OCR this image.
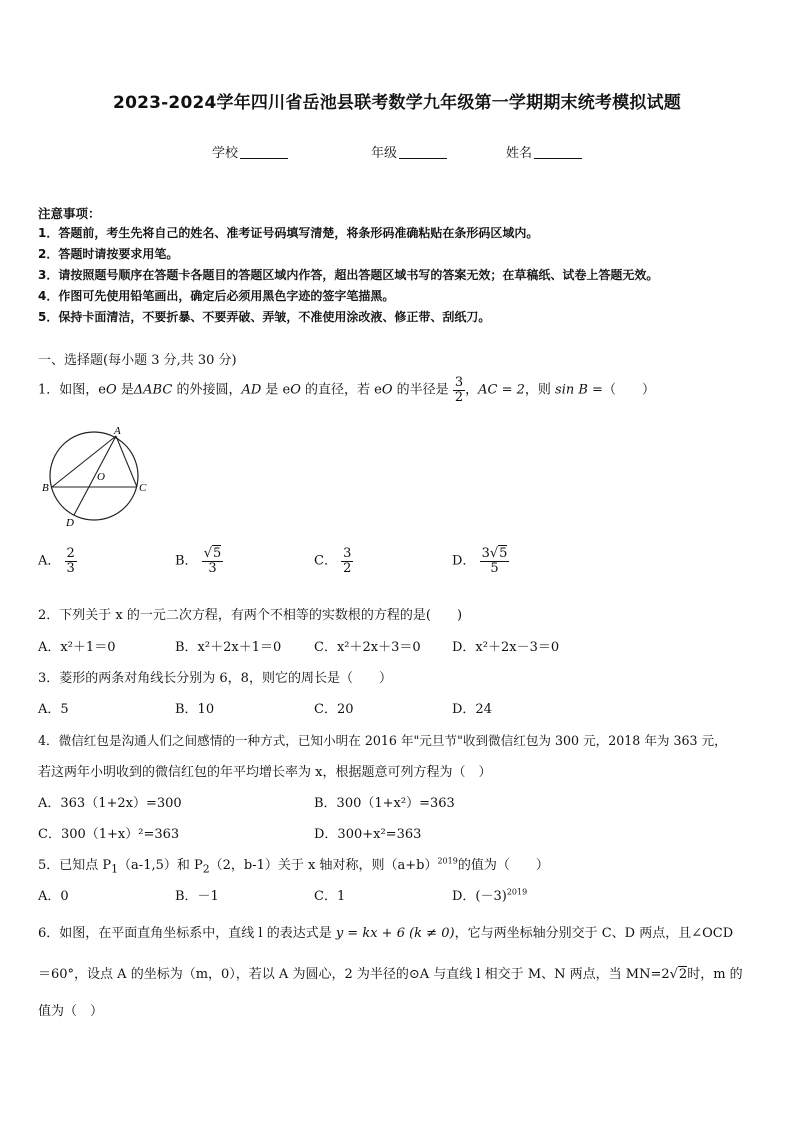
2023-2024学年四川省岳池县联考数学九年级第一学期期末统考模拟试题
学校	年级	姓名
注意事项：
1．答题前，考生先将自己的姓名、准考证号码填写清楚，将条形码准确粘贴在条形码区域内。
2．答题时请按要求用笔。
3．请按照题号顺序在答题卡各题目的答题区域内作答，超出答题区域书写的答案无效；在草稿纸、试卷上答题无效。
4．作图可先使用铅笔画出，确定后必须用黑色字迹的签字笔描黑。
5．保持卡面清洁，不要折暴、不要弄破、弄皱，不准使用涂改液、修正带、刮纸刀。
一、选择题(每小题 3 分,共 30 分)
1．如图，eO 是ΔABC 的外接圆，AD 是 eO 的直径，若 eO 的半径是 $\frac{3}{2}$ ，AC = 2，则 sin B =（　　）
A
O
B	C
D
A． $\frac{2}{3}$	B． $\frac{√5}{3}$	C． $\frac{3}{2}$	D． $\frac{3√5}{5}$
2．下列关于 x 的一元二次方程，有两个不相等的实数根的方程的是(　　)
A．x²＋1＝0	B．x²＋2x＋1＝0	C．x²＋2x＋3＝0 D．x²＋2x－3＝0
3．菱形的两条对角线长分别为 6，8，则它的周长是（　　）
A．5	B．10	C．20	D．24
4．微信红包是沟通人们之间感情的一种方式，已知小明在 2016 年"元旦节"收到微信红包为 300 元，2018 年为 363 元，
若这两年小明收到的微信红包的年平均增长率为 x，根据题意可列方程为（　）
A．363（1+2x）=300	B．300（1+x²）=363
C．300（1+x）²=363	D．300+x²=363
5．已知点 $P_1(a-1,5)$和 $P_2(2$，b-1）关于 x 轴对称，则$(a+b)^{2019}$的值为（　　）
A．0	B．－1	C．1	D．$(-3)^{2019}$
6．如图，在平面直角坐标系中，直线 l 的表达式是 y = kx + 6 (k ≠ 0)，它与两坐标轴分别交于 C、D 两点，且∠OCD
＝60°，设点 A 的坐标为（m，0），若以 A 为圆心，2 为半径的⊙A 与直线 l 相交于 M、N 两点，当 MN=2√2时，m 的
值为（　）
